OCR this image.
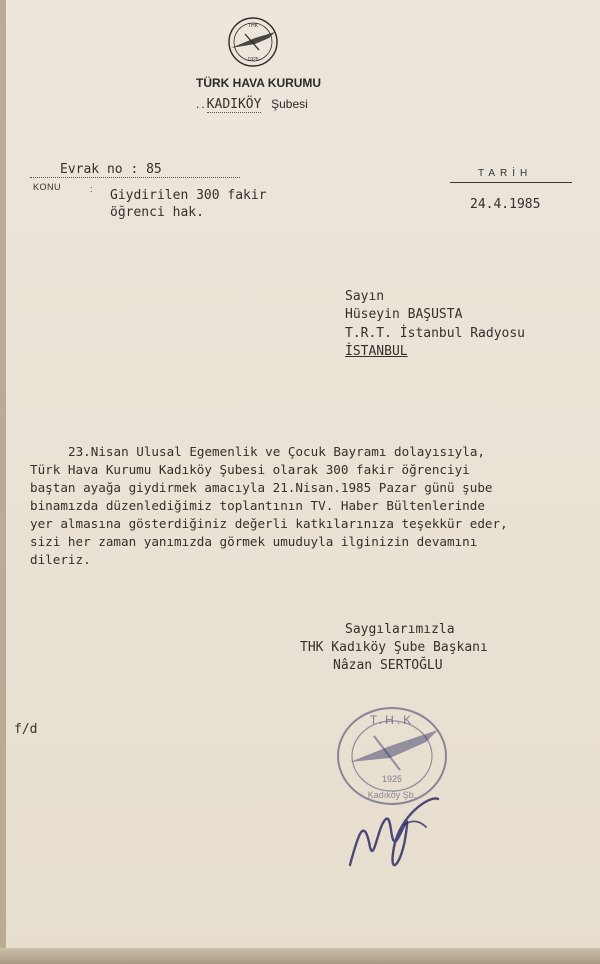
THK
1925
TÜRK HAVA KURUMU
..KADIKÖY Şubesi
Evrak no : 85
KONU	: Giydirilen 300 fakir
öğrenci hak.
TARİH
24.4.1985
Sayın
Hüseyin BAŞUSTA
T.R.T. İstanbul Radyosu
İSTANBUL
23.Nisan Ulusal Egemenlik ve Çocuk Bayramı dolayısıyla,
Türk Hava Kurumu Kadıköy Şubesi olarak 300 fakir öğrenciyi
baştan ayağa giydirmek amacıyla 21.Nisan.1985 Pazar günü şube
binamızda düzenlediğimiz toplantının TV. Haber Bültenlerinde
yer almasına gösterdiğiniz değerli katkılarınıza teşekkür eder,
sizi her zaman yanımızda görmek umuduyla ilginizin devamını
dileriz.
Saygılarımızla
THK Kadıköy Şube Başkanı
Nâzan SERTOĞLU
f/d
T.H.K
1925
Kadıköy Şb.
